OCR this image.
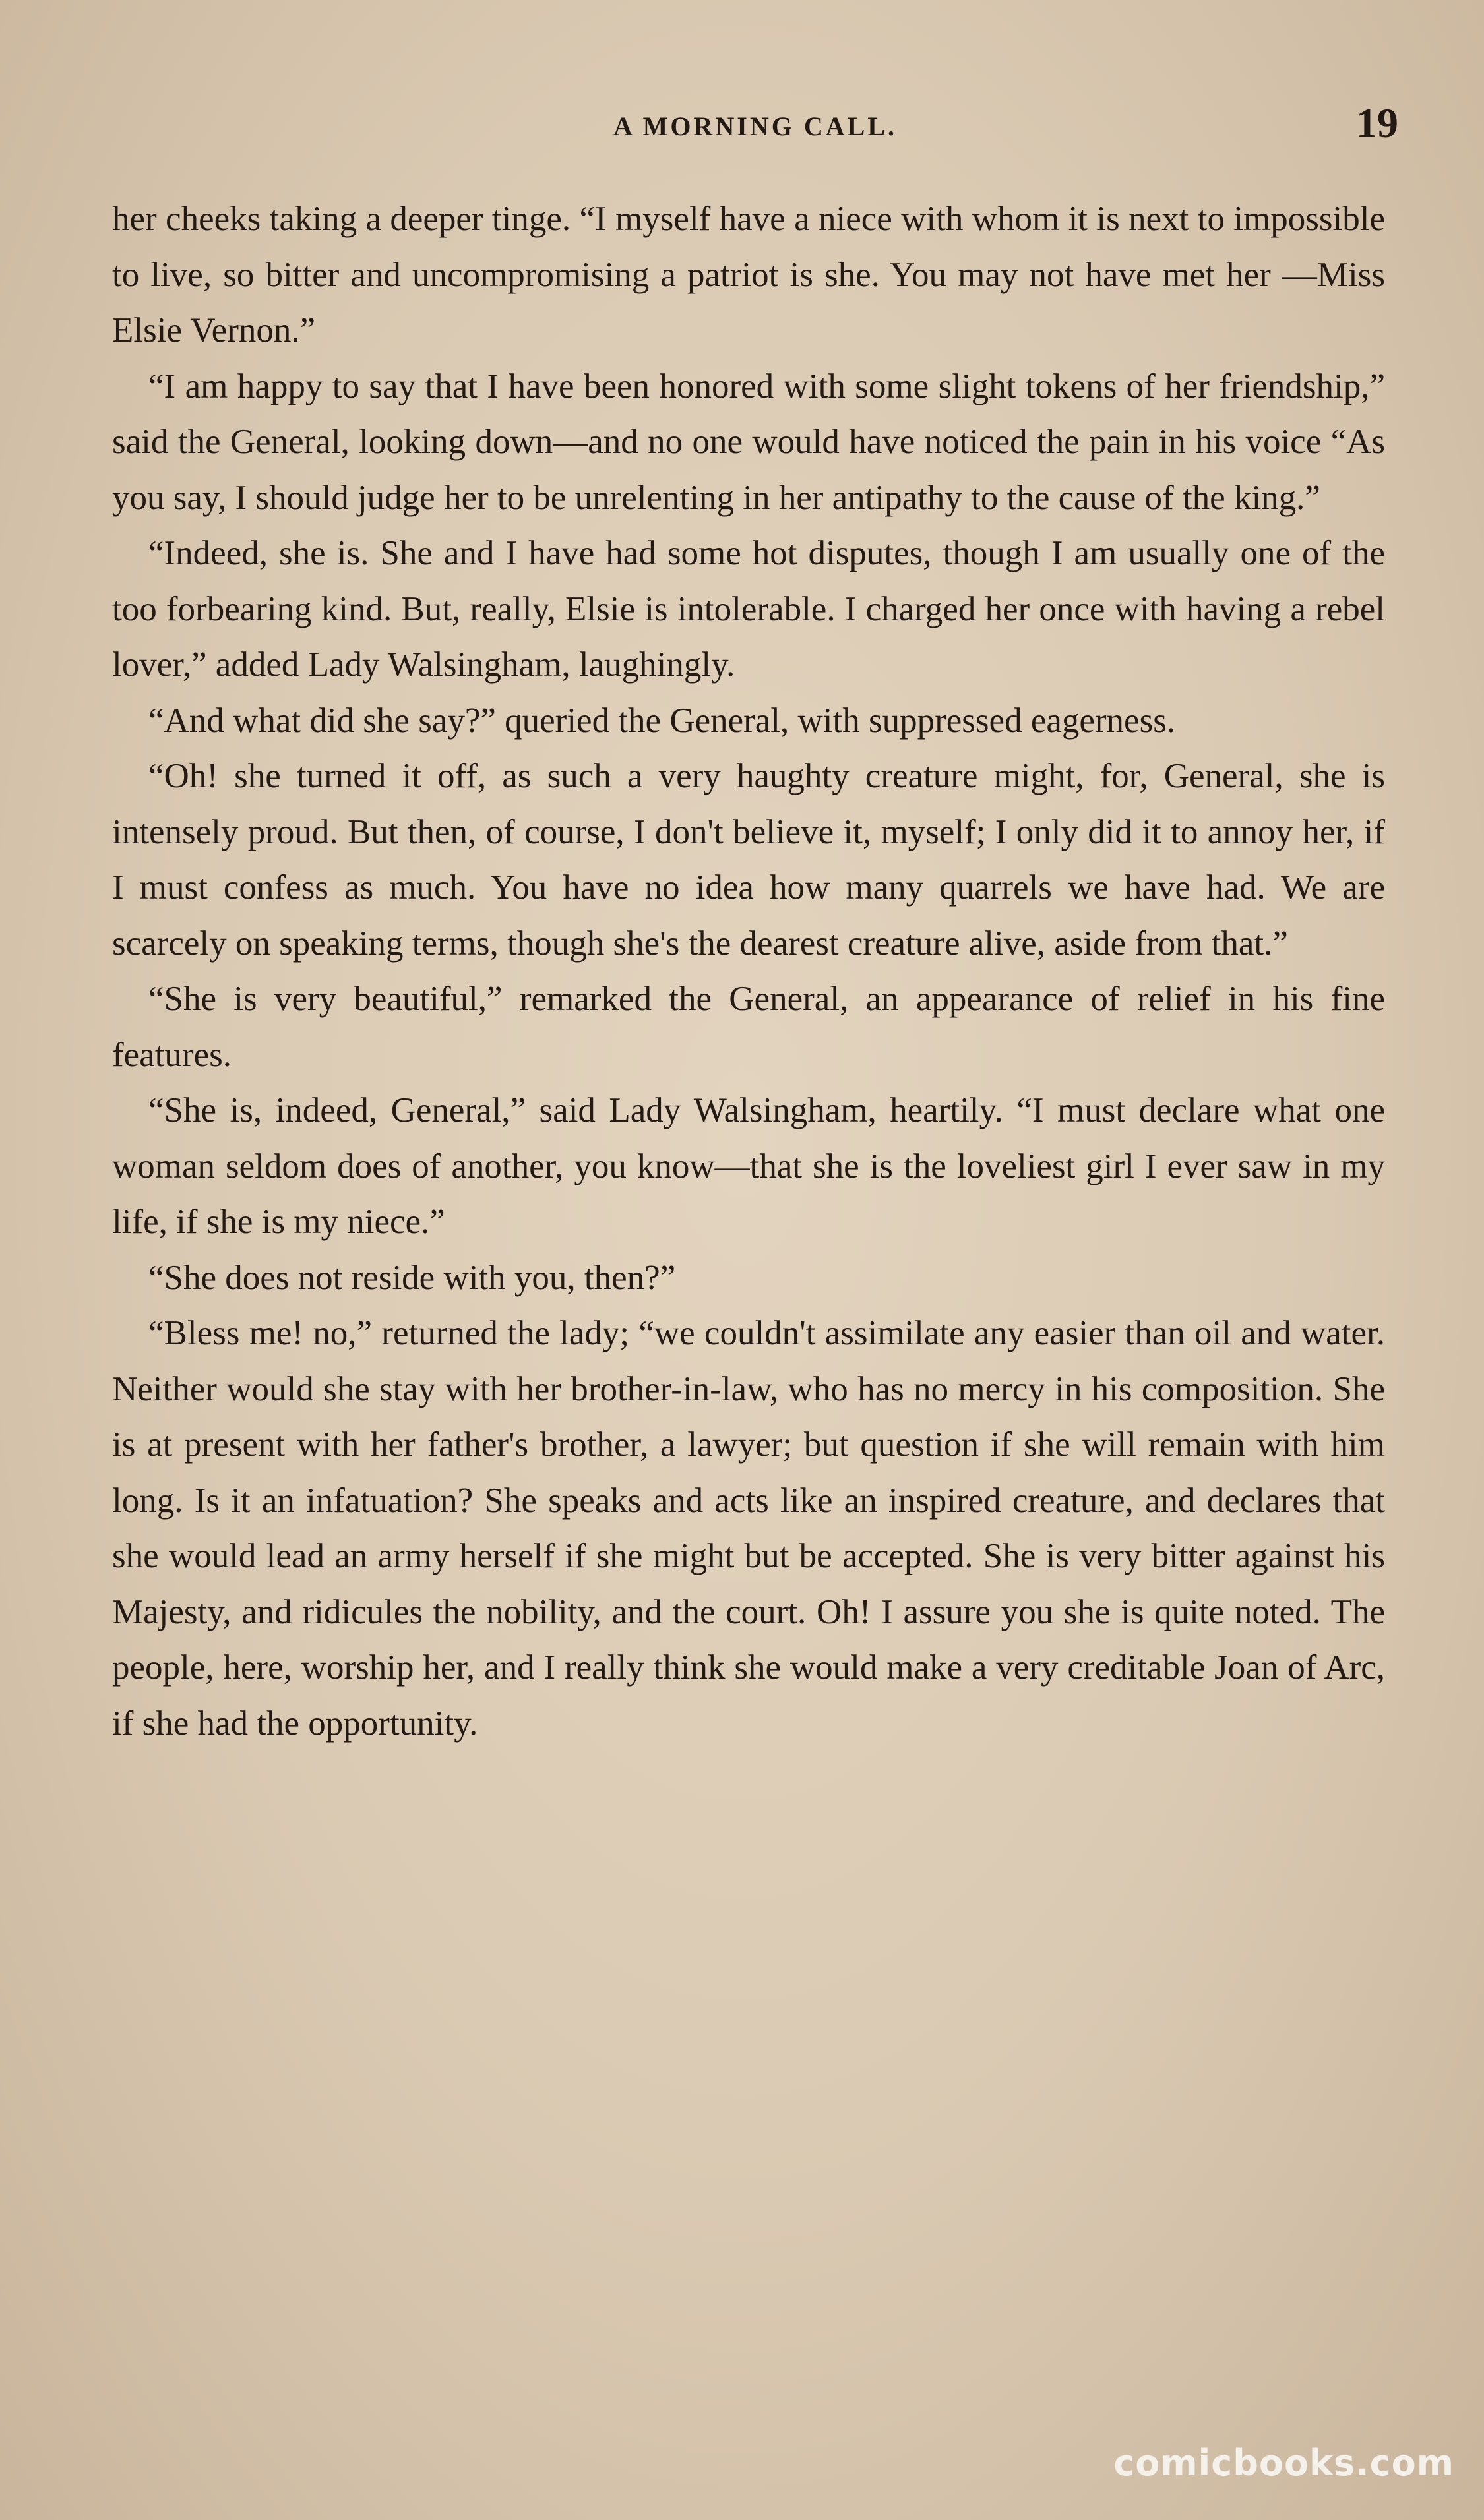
A MORNING CALL.	19

her cheeks taking a deeper tinge. “I myself have a niece with whom it is next to impossible to live, so bitter and uncompromising a patriot is she. You may not have met her —Miss Elsie Vernon.”

“I am happy to say that I have been honored with some slight tokens of her friendship,” said the General, looking down—and no one would have noticed the pain in his voice “As you say, I should judge her to be unrelenting in her antipathy to the cause of the king.”

“Indeed, she is. She and I have had some hot disputes, though I am usually one of the too forbearing kind. But, really, Elsie is intolerable. I charged her once with having a rebel lover,” added Lady Walsingham, laughingly.

“And what did she say?” queried the General, with suppressed eagerness.

“Oh! she turned it off, as such a very haughty creature might, for, General, she is intensely proud. But then, of course, I don't believe it, myself; I only did it to annoy her, if I must confess as much. You have no idea how many quarrels we have had. We are scarcely on speaking terms, though she's the dearest creature alive, aside from that.”

“She is very beautiful,” remarked the General, an appearance of relief in his fine features.

“She is, indeed, General,” said Lady Walsingham, heartily. “I must declare what one woman seldom does of another, you know—that she is the loveliest girl I ever saw in my life, if she is my niece.”

“She does not reside with you, then?”

“Bless me! no,” returned the lady; “we couldn't assimilate any easier than oil and water. Neither would she stay with her brother-in-law, who has no mercy in his composition. She is at present with her father's brother, a lawyer; but question if she will remain with him long. Is it an infatuation? She speaks and acts like an inspired creature, and declares that she would lead an army herself if she might but be accepted. She is very bitter against his Majesty, and ridicules the nobility, and the court. Oh! I assure you she is quite noted. The people, here, worship her, and I really think she would make a very creditable Joan of Arc, if she had the opportunity.

comicbooks.com
